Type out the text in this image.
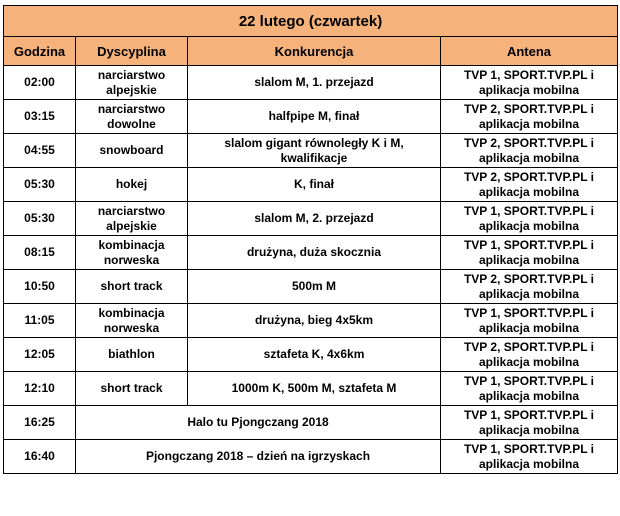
22 lutego (czwartek)			
Godzina	Dyscyplina	Konkurencja	Antena
02:00	narciarstwo alpejskie	slalom M, 1. przejazd	TVP 1, SPORT.TVP.PL i aplikacja mobilna
03:15	narciarstwo dowolne	halfpipe M, finał	TVP 2, SPORT.TVP.PL i aplikacja mobilna
04:55	snowboard	slalom gigant równoległy K i M, kwalifikacje	TVP 2, SPORT.TVP.PL i aplikacja mobilna
05:30	hokej	K, finał	TVP 2, SPORT.TVP.PL i aplikacja mobilna
05:30	narciarstwo alpejskie	slalom M, 2. przejazd	TVP 1, SPORT.TVP.PL i aplikacja mobilna
08:15	kombinacja norweska	drużyna, duża skocznia	TVP 1, SPORT.TVP.PL i aplikacja mobilna
10:50	short track	500m M	TVP 2, SPORT.TVP.PL i aplikacja mobilna
11:05	kombinacja norweska	drużyna, bieg 4x5km	TVP 1, SPORT.TVP.PL i aplikacja mobilna
12:05	biathlon	sztafeta K, 4x6km	TVP 2, SPORT.TVP.PL i aplikacja mobilna
12:10	short track	1000m K, 500m M, sztafeta M	TVP 1, SPORT.TVP.PL i aplikacja mobilna
16:25	Halo tu Pjongczang 2018		TVP 1, SPORT.TVP.PL i aplikacja mobilna
16:40	Pjongczang 2018 – dzień na igrzyskach		TVP 1, SPORT.TVP.PL i aplikacja mobilna
